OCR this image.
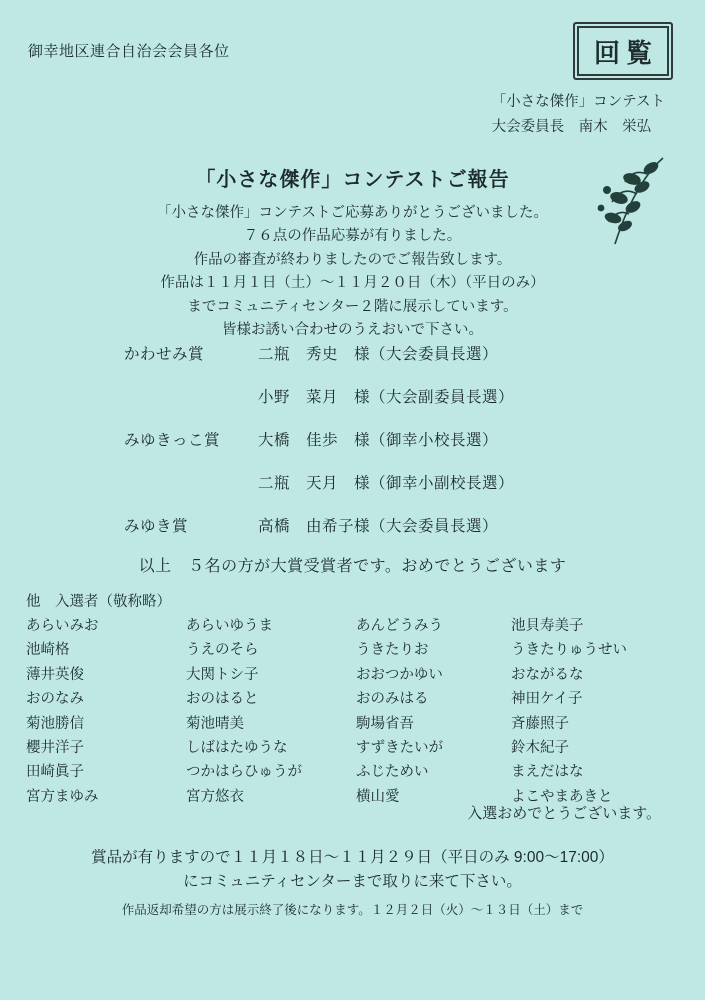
御幸地区連合自治会会員各位	回覧
「小さな傑作」コンテスト
大会委員長　南木　栄弘
「小さな傑作」コンテストご報告
「小さな傑作」コンテストご応募ありがとうございました。
７６点の作品応募が有りました。
作品の審査が終わりましたのでご報告致します。
作品は１１月１日（土）〜１１月２０日（木）（平日のみ）
までコミュニティセンター２階に展示しています。
皆様お誘い合わせのうえおいで下さい。
かわせみ賞	二瓶　秀史　様（大会委員長選）
小野　菜月　様（大会副委員長選）
みゆきっこ賞	大橋　佳歩　様（御幸小校長選）
二瓶　天月　様（御幸小副校長選）
みゆき賞	高橋　由希子様（大会委員長選）
以上　５名の方が大賞受賞者です。おめでとうございます
他　入選者（敬称略）
あらいみお	あらいゆうま	あんどうみう	池貝寿美子
池崎格	うえのそら	うきたりお	うきたりゅうせい
薄井英俊	大関トシ子	おおつかゆい	おながるな
おのなみ	おのはると	おのみはる	神田ケイ子
菊池勝信	菊池晴美	駒場省吾	斉藤照子
櫻井洋子	しばはたゆうな	すずきたいが	鈴木紀子
田崎眞子	つかはらひゅうが	ふじためい	まえだはな
宮方まゆみ	宮方悠衣	横山愛	よこやまあきと
入選おめでとうございます。
賞品が有りますので１１月１８日〜１１月２９日（平日のみ 9:00〜17:00）
にコミュニティセンターまで取りに来て下さい。
作品返却希望の方は展示終了後になります。１２月２日（火）〜１３日（土）まで
